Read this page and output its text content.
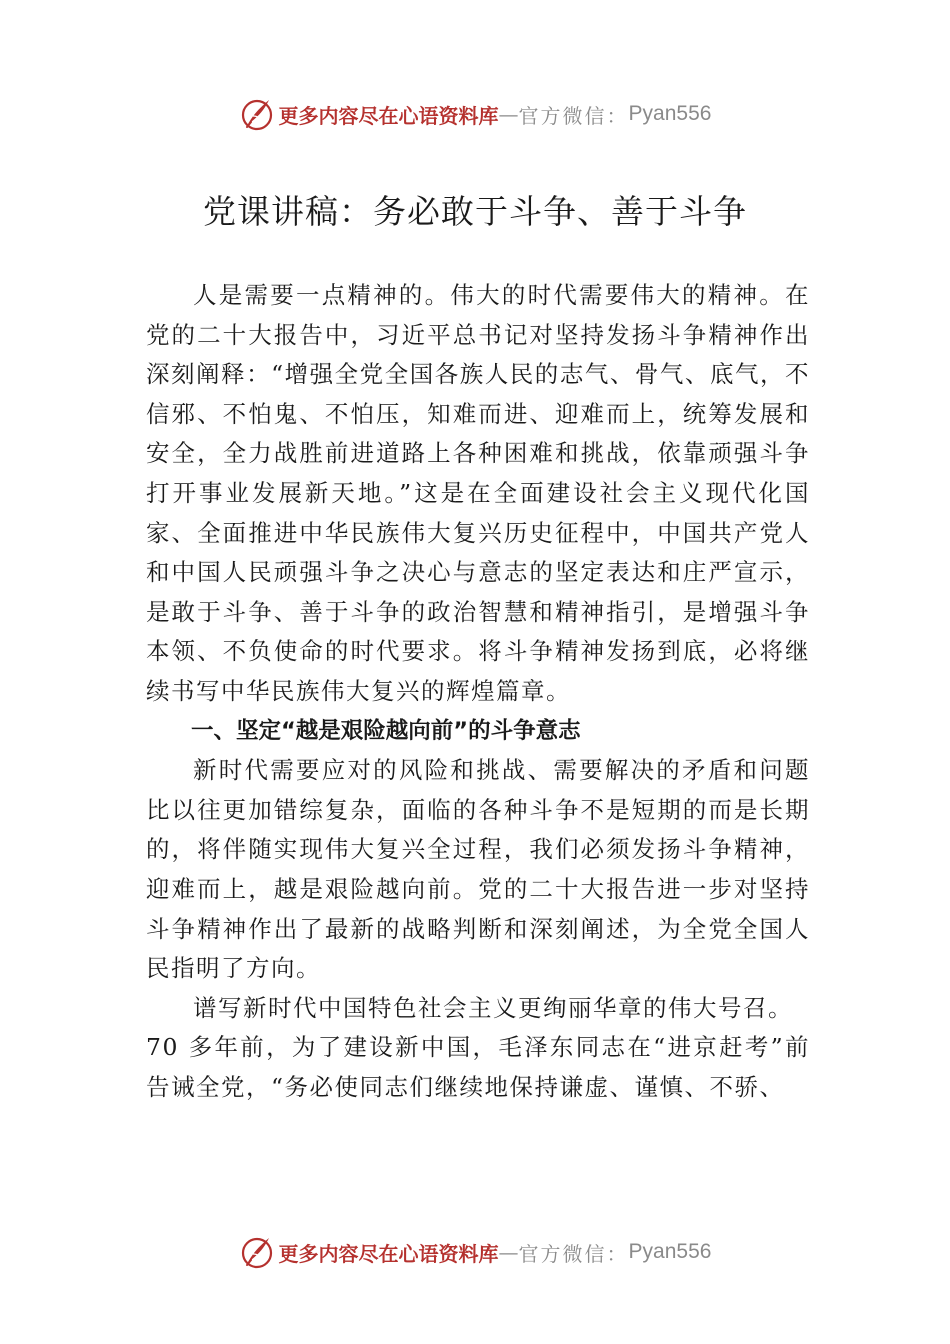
更多内容尽在心语资料库 — 官方微信： Pyan556
党课讲稿：务必敢于斗争、善于斗争

人是需要一点精神的。伟大的时代需要伟大的精神。在党的二十大报告中，习近平总书记对坚持发扬斗争精神作出深刻阐释：“增强全党全国各族人民的志气、骨气、底气，不信邪、不怕鬼、不怕压，知难而进、迎难而上，统筹发展和安全，全力战胜前进道路上各种困难和挑战，依靠顽强斗争打开事业发展新天地。”这是在全面建设社会主义现代化国家、全面推进中华民族伟大复兴历史征程中，中国共产党人和中国人民顽强斗争之决心与意志的坚定表达和庄严宣示，是敢于斗争、善于斗争的政治智慧和精神指引，是增强斗争本领、不负使命的时代要求。将斗争精神发扬到底，必将继续书写中华民族伟大复兴的辉煌篇章。

一、坚定“越是艰险越向前”的斗争意志

新时代需要应对的风险和挑战、需要解决的矛盾和问题比以往更加错综复杂，面临的各种斗争不是短期的而是长期的，将伴随实现伟大复兴全过程，我们必须发扬斗争精神，迎难而上，越是艰险越向前。党的二十大报告进一步对坚持斗争精神作出了最新的战略判断和深刻阐述，为全党全国人民指明了方向。

谱写新时代中国特色社会主义更绚丽华章的伟大号召。

70 多年前，为了建设新中国，毛泽东同志在“进京赶考”前告诫全党，“务必使同志们继续地保持谦虚、谨慎、不骄、

更多内容尽在心语资料库 — 官方微信： Pyan556
